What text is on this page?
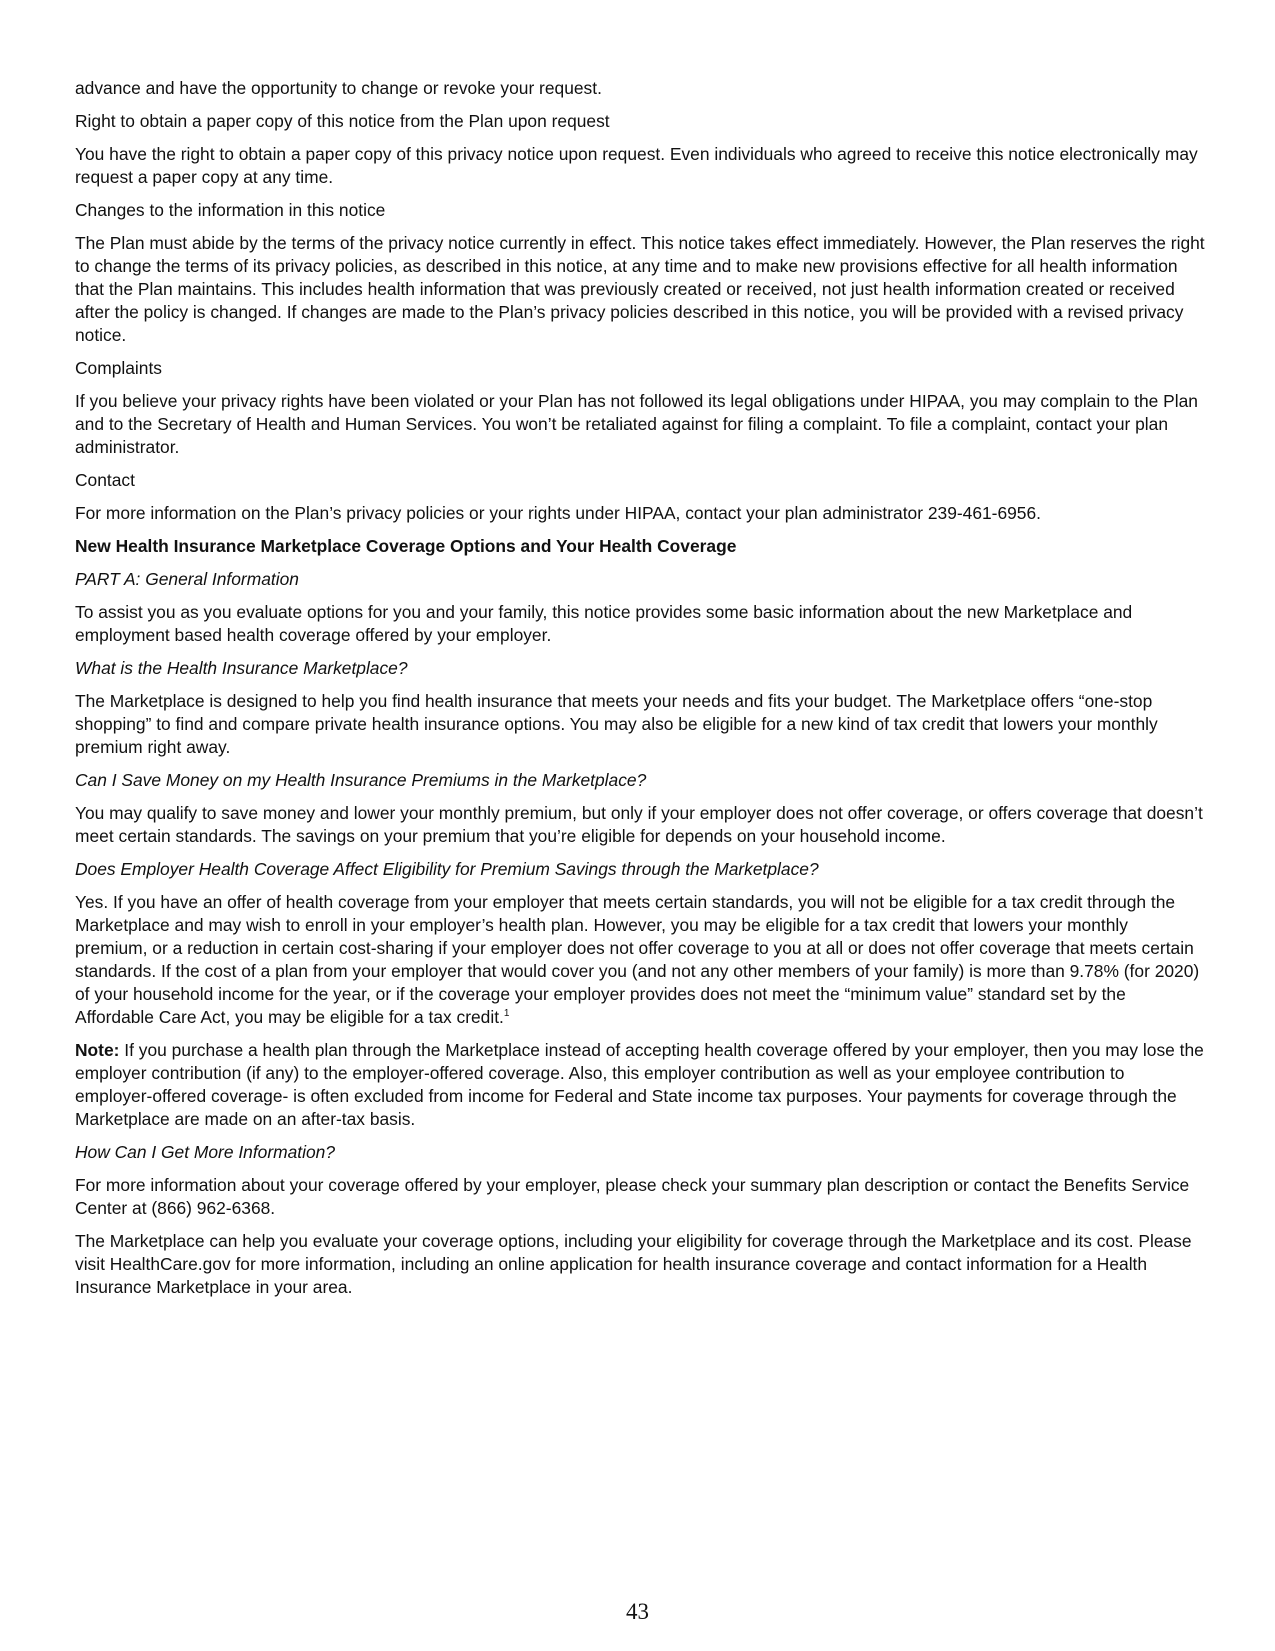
advance and have the opportunity to change or revoke your request.

Right to obtain a paper copy of this notice from the Plan upon request

You have the right to obtain a paper copy of this privacy notice upon request. Even individuals who agreed to receive this notice electronically may request a paper copy at any time.

Changes to the information in this notice

The Plan must abide by the terms of the privacy notice currently in effect. This notice takes effect immediately. However, the Plan reserves the right to change the terms of its privacy policies, as described in this notice, at any time and to make new provisions effective for all health information that the Plan maintains. This includes health information that was previously created or received, not just health information created or received after the policy is changed. If changes are made to the Plan’s privacy policies described in this notice, you will be provided with a revised privacy notice.

Complaints

If you believe your privacy rights have been violated or your Plan has not followed its legal obligations under HIPAA, you may complain to the Plan and to the Secretary of Health and Human Services. You won’t be retaliated against for filing a complaint. To file a complaint, contact your plan administrator.

Contact

For more information on the Plan’s privacy policies or your rights under HIPAA, contact your plan administrator 239-461-6956.

New Health Insurance Marketplace Coverage Options and Your Health Coverage

PART A: General Information

To assist you as you evaluate options for you and your family, this notice provides some basic information about the new Marketplace and employment based health coverage offered by your employer.

What is the Health Insurance Marketplace?

The Marketplace is designed to help you find health insurance that meets your needs and fits your budget. The Marketplace offers “one-stop shopping” to find and compare private health insurance options. You may also be eligible for a new kind of tax credit that lowers your monthly premium right away.

Can I Save Money on my Health Insurance Premiums in the Marketplace?

You may qualify to save money and lower your monthly premium, but only if your employer does not offer coverage, or offers coverage that doesn’t meet certain standards. The savings on your premium that you’re eligible for depends on your household income.

Does Employer Health Coverage Affect Eligibility for Premium Savings through the Marketplace?

Yes. If you have an offer of health coverage from your employer that meets certain standards, you will not be eligible for a tax credit through the Marketplace and may wish to enroll in your employer’s health plan. However, you may be eligible for a tax credit that lowers your monthly premium, or a reduction in certain cost-sharing if your employer does not offer coverage to you at all or does not offer coverage that meets certain standards. If the cost of a plan from your employer that would cover you (and not any other members of your family) is more than 9.78% (for 2020) of your household income for the year, or if the coverage your employer provides does not meet the “minimum value” standard set by the Affordable Care Act, you may be eligible for a tax credit.$^1$

Note: If you purchase a health plan through the Marketplace instead of accepting health coverage offered by your employer, then you may lose the employer contribution (if any) to the employer-offered coverage. Also, this employer contribution as well as your employee contribution to employer-offered coverage- is often excluded from income for Federal and State income tax purposes. Your payments for coverage through the Marketplace are made on an after-tax basis.

How Can I Get More Information?

For more information about your coverage offered by your employer, please check your summary plan description or contact the Benefits Service Center at (866) 962-6368.

The Marketplace can help you evaluate your coverage options, including your eligibility for coverage through the Marketplace and its cost. Please visit HealthCare.gov for more information, including an online application for health insurance coverage and contact information for a Health Insurance Marketplace in your area.

43
